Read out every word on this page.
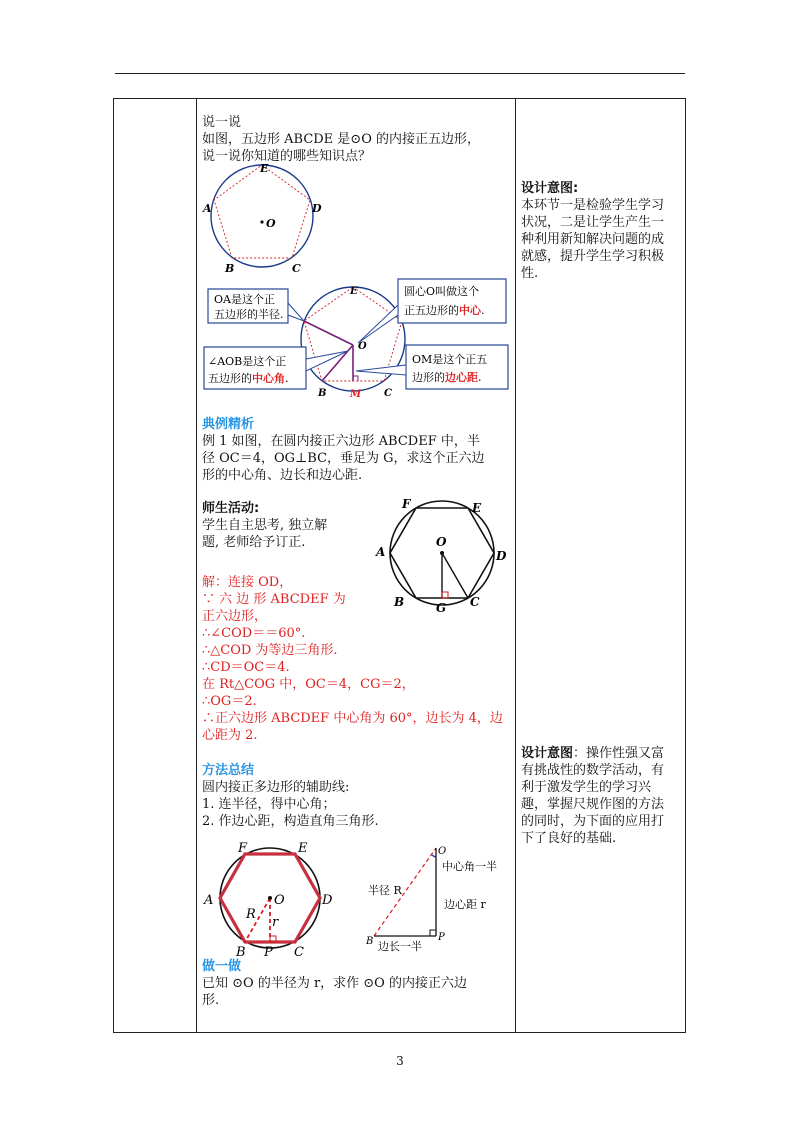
说一说

如图，五边形 ABCDE 是⊙O 的内接正五边形，

说一说你知道的哪些知识点？

E
A	D
B	C
O
OA是这个正
五边形的半径.
圆心O叫做这个
正五边形的中心.
∠AOB是这个正
五边形的中心角.
OM是这个正五
边形的边心距.
E
O
B M C

典例精析

例 1 如图，在圆内接正六边形 ABCDEF 中，半

径 OC＝4，OG⊥BC，垂足为 G，求这个正六边

形的中心角、边长和边心距.

师生活动:

学生自主思考, 独立解

题, 老师给予订正.

F	E
A
O
D
B	G C

解：连接 OD，

∵ 六 边 形 ABCDEF 为

正六边形，

∴∠COD＝＝60°.

∴△COD 为等边三角形.

∴CD＝OC＝4.

在 Rt△COG 中，OC＝4，CG＝2，

∴OG＝2.

∴正六边形 ABCDEF 中心角为 60°，边长为 4，边

心距为 2.

方法总结

圆内接正多边形的辅助线:

1. 连半径，得中心角；

2. 作边心距，构造直角三角形.

F	E
A	O	D
R
r
B P C
O
中心角一半
半径 R
边心距 r
B 边长一半
P

做一做

已知 ⊙O 的半径为 r，求作 ⊙O 的内接正六边

形.

设计意图:

本环节一是检验学生学习

状况，二是让学生产生一

种利用新知解决问题的成

就感，提升学生学习积极

性.

设计意图：操作性强又富

有挑战性的数学活动，有

利于激发学生的学习兴

趣，掌握尺规作图的方法

的同时，为下面的应用打

下了良好的基础.

3
